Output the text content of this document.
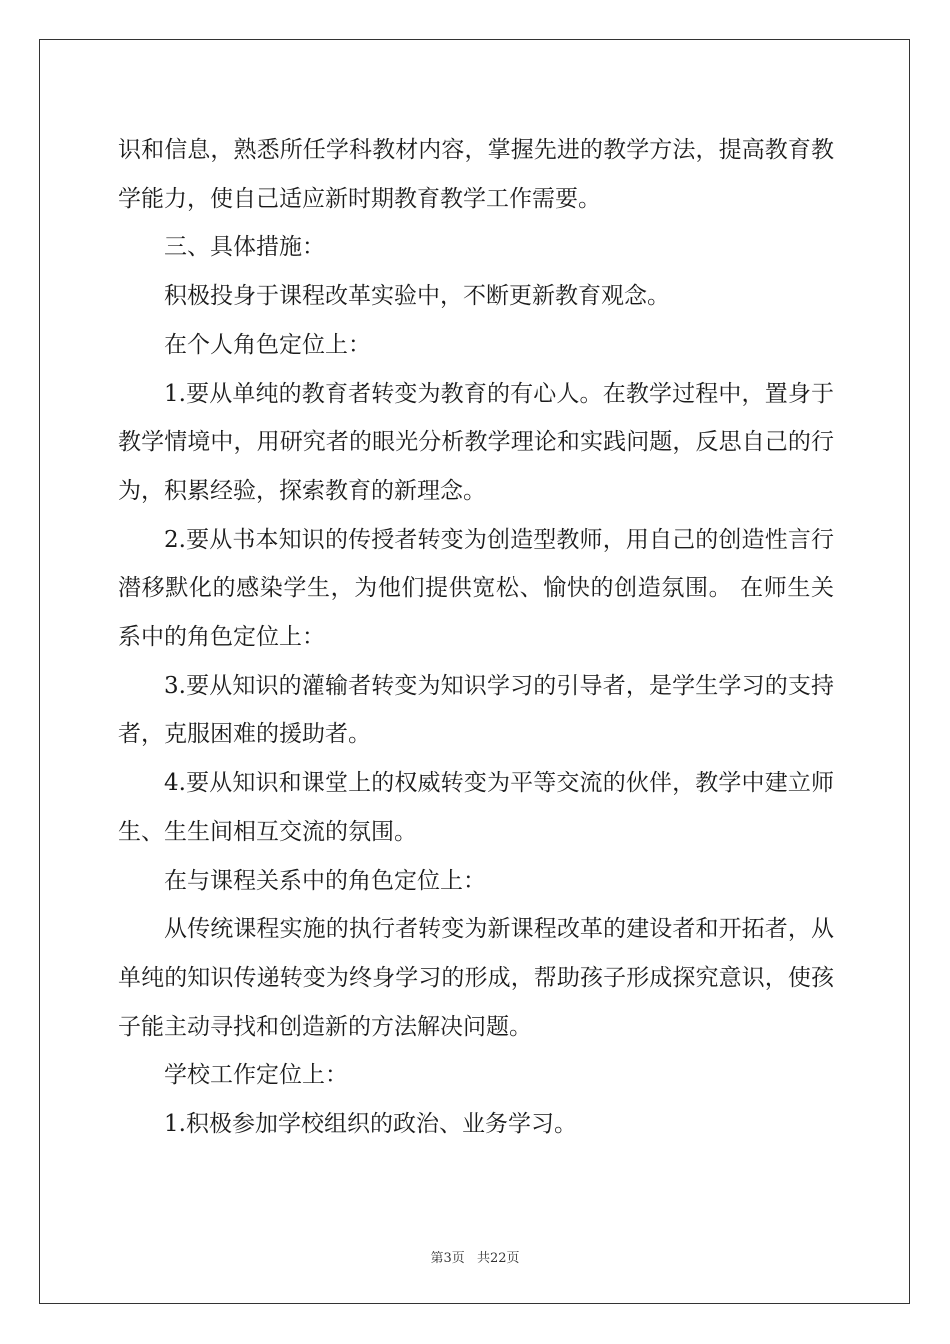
识和信息，熟悉所任学科教材内容，掌握先进的教学方法，提高教育教学能力，使自己适应新时期教育教学工作需要。

三、具体措施：

积极投身于课程改革实验中，不断更新教育观念。

在个人角色定位上：

1.要从单纯的教育者转变为教育的有心人。在教学过程中，置身于教学情境中，用研究者的眼光分析教学理论和实践问题，反思自己的行为，积累经验，探索教育的新理念。

2.要从书本知识的传授者转变为创造型教师，用自己的创造性言行潜移默化的感染学生，为他们提供宽松、愉快的创造氛围。 在师生关系中的角色定位上：

3.要从知识的灌输者转变为知识学习的引导者，是学生学习的支持者，克服困难的援助者。

4.要从知识和课堂上的权威转变为平等交流的伙伴，教学中建立师生、生生间相互交流的氛围。

在与课程关系中的角色定位上：

从传统课程实施的执行者转变为新课程改革的建设者和开拓者，从单纯的知识传递转变为终身学习的形成，帮助孩子形成探究意识，使孩子能主动寻找和创造新的方法解决问题。

学校工作定位上：

1.积极参加学校组织的政治、业务学习。

第3页 共22页
